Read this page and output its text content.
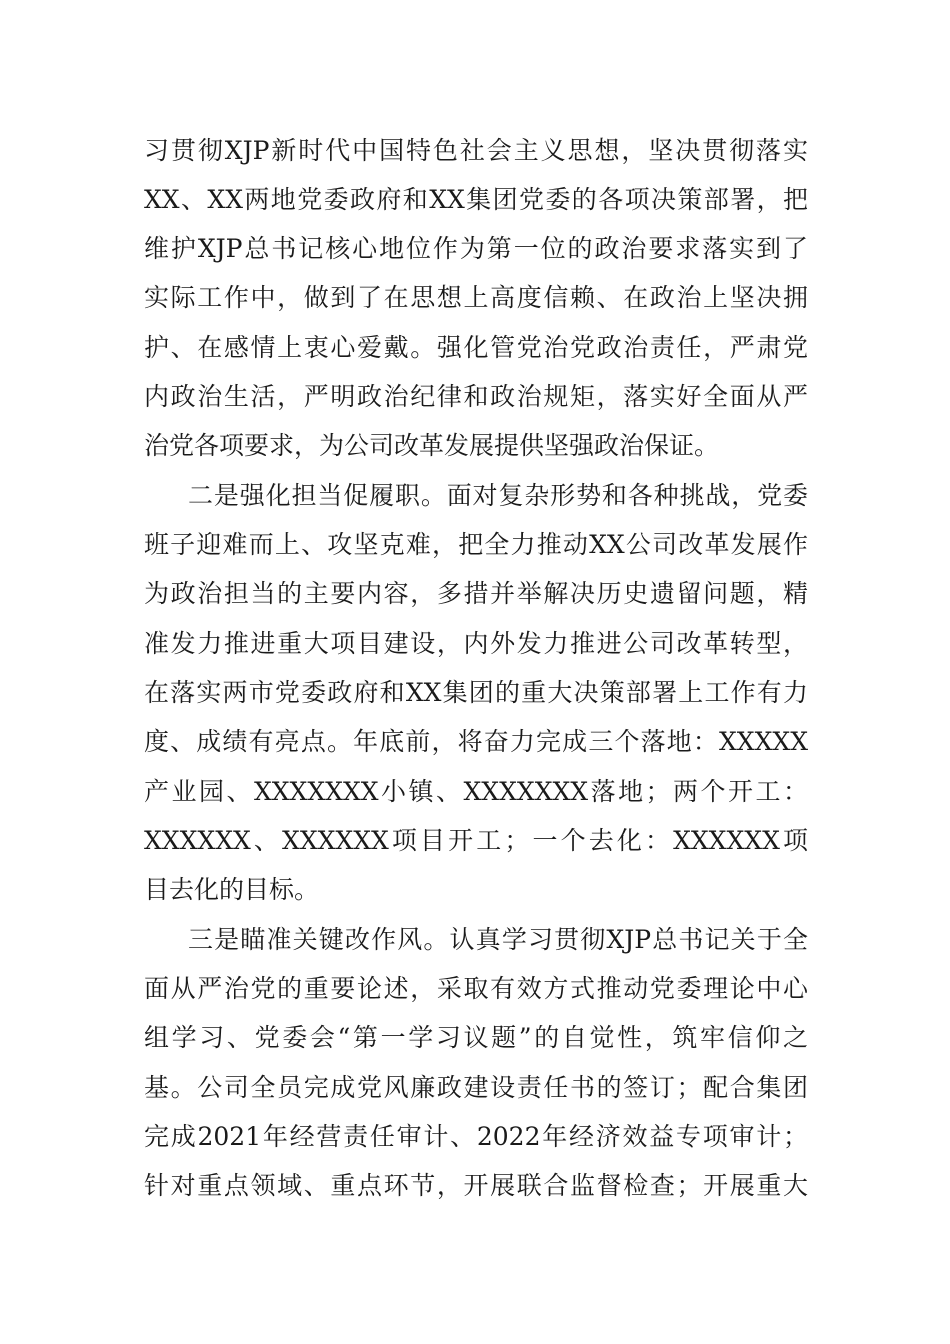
习贯彻XJP新时代中国特色社会主义思想，坚决贯彻落实
XX、XX两地党委政府和XX集团党委的各项决策部署，把
维护XJP总书记核心地位作为第一位的政治要求落实到了
实际工作中，做到了在思想上高度信赖、在政治上坚决拥
护、在感情上衷心爱戴。强化管党治党政治责任，严肃党
内政治生活，严明政治纪律和政治规矩，落实好全面从严
治党各项要求，为公司改革发展提供坚强政治保证。
二是强化担当促履职。面对复杂形势和各种挑战，党委
班子迎难而上、攻坚克难，把全力推动XX公司改革发展作
为政治担当的主要内容，多措并举解决历史遗留问题，精
准发力推进重大项目建设，内外发力推进公司改革转型，
在落实两市党委政府和XX集团的重大决策部署上工作有力
度、成绩有亮点。年底前，将奋力完成三个落地：XXXXX
产业园、XXXXXXX小镇、XXXXXXX落地；两个开工：
XXXXXX、XXXXXX项目开工；一个去化：XXXXXX项
目去化的目标。
三是瞄准关键改作风。认真学习贯彻XJP总书记关于全
面从严治党的重要论述，采取有效方式推动党委理论中心
组学习、党委会“第一学习议题”的自觉性，筑牢信仰之
基。公司全员完成党风廉政建设责任书的签订；配合集团
完成2021年经营责任审计、2022年经济效益专项审计；
针对重点领域、重点环节，开展联合监督检查；开展重大
